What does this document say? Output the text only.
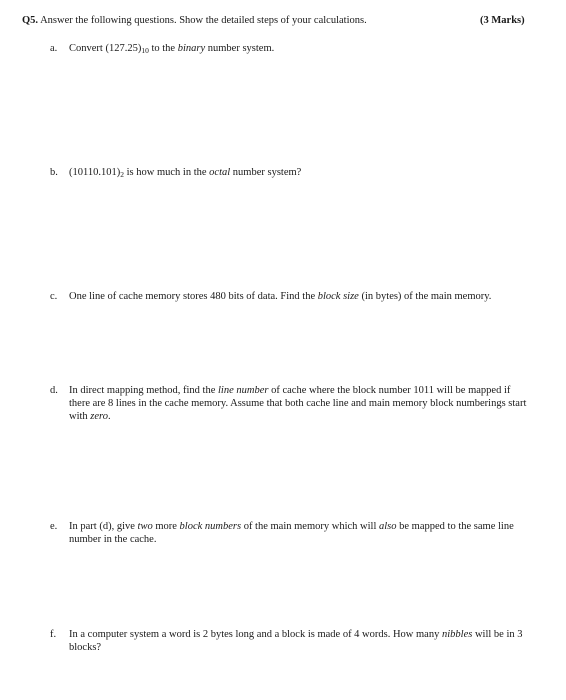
Q5. Answer the following questions. Show the detailed steps of your calculations.	(3 Marks)
a.	Convert $(127.25)_{10}$ to the binary number system.
b.	$(10110.101)_2$ is how much in the octal number system?
c.	One line of cache memory stores 480 bits of data. Find the block size (in bytes) of the main memory.
d.	In direct mapping method, find the line number of cache where the block number 1011 will be mapped if there are 8 lines in the cache memory. Assume that both cache line and main memory block numberings start with zero.
e.	In part (d), give two more block numbers of the main memory which will also be mapped to the same line number in the cache.
f.	In a computer system a word is 2 bytes long and a block is made of 4 words. How many nibbles will be in 3 blocks?
